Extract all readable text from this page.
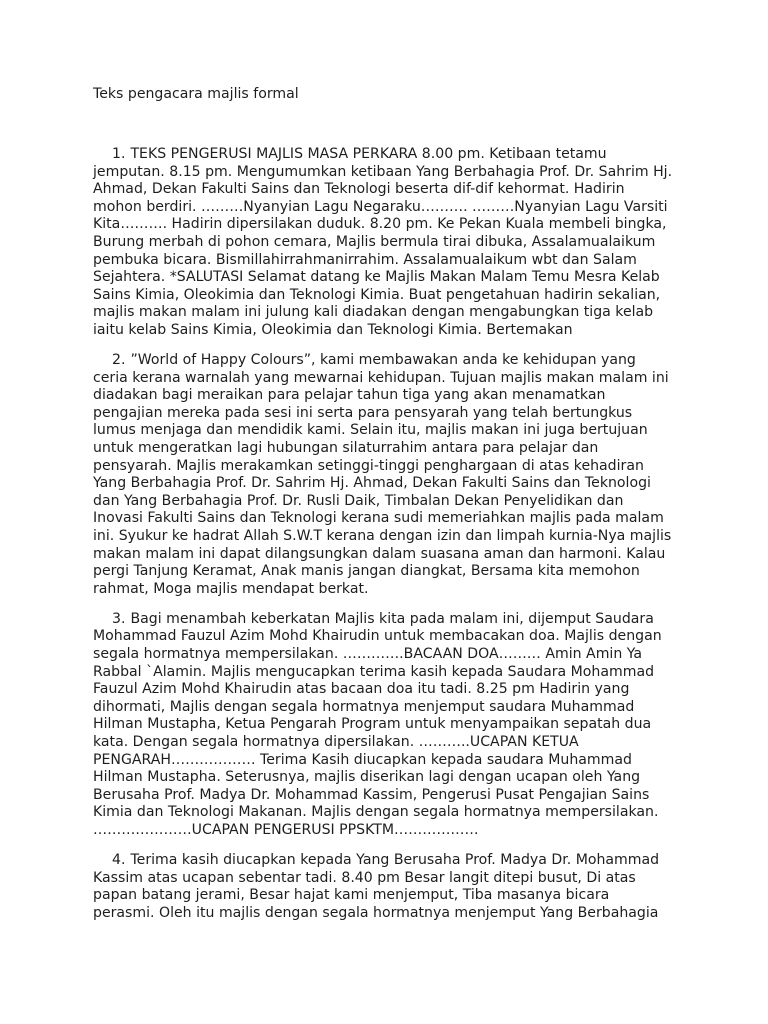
Teks pengacara majlis formal

1. TEKS PENGERUSI MAJLIS MASA PERKARA 8.00 pm. Ketibaan tetamu jemputan. 8.15 pm. Mengumumkan ketibaan Yang Berbahagia Prof. Dr. Sahrim Hj. Ahmad, Dekan Fakulti Sains dan Teknologi beserta dif-dif kehormat. Hadirin mohon berdiri. ………Nyanyian Lagu Negaraku………. ………Nyanyian Lagu Varsiti Kita………. Hadirin dipersilakan duduk. 8.20 pm. Ke Pekan Kuala membeli bingka, Burung merbah di pohon cemara, Majlis bermula tirai dibuka, Assalamualaikum pembuka bicara. Bismillahirrahmanirrahim. Assalamualaikum wbt dan Salam Sejahtera. *SALUTASI Selamat datang ke Majlis Makan Malam Temu Mesra Kelab Sains Kimia, Oleokimia dan Teknologi Kimia. Buat pengetahuan hadirin sekalian, majlis makan malam ini julung kali diadakan dengan mengabungkan tiga kelab iaitu kelab Sains Kimia, Oleokimia dan Teknologi Kimia. Bertemakan

2. ”World of Happy Colours”, kami membawakan anda ke kehidupan yang ceria kerana warnalah yang mewarnai kehidupan. Tujuan majlis makan malam ini diadakan bagi meraikan para pelajar tahun tiga yang akan menamatkan pengajian mereka pada sesi ini serta para pensyarah yang telah bertungkus lumus menjaga dan mendidik kami. Selain itu, majlis makan ini juga bertujuan untuk mengeratkan lagi hubungan silaturrahim antara para pelajar dan pensyarah. Majlis merakamkan setinggi-tinggi penghargaan di atas kehadiran Yang Berbahagia Prof. Dr. Sahrim Hj. Ahmad, Dekan Fakulti Sains dan Teknologi dan Yang Berbahagia Prof. Dr. Rusli Daik, Timbalan Dekan Penyelidikan dan Inovasi Fakulti Sains dan Teknologi kerana sudi memeriahkan majlis pada malam ini. Syukur ke hadrat Allah S.W.T kerana dengan izin dan limpah kurnia-Nya majlis makan malam ini dapat dilangsungkan dalam suasana aman dan harmoni. Kalau pergi Tanjung Keramat, Anak manis jangan diangkat, Bersama kita memohon rahmat, Moga majlis mendapat berkat.

3. Bagi menambah keberkatan Majlis kita pada malam ini, dijemput Saudara Mohammad Fauzul Azim Mohd Khairudin untuk membacakan doa. Majlis dengan segala hormatnya mempersilakan. ………….BACAAN DOA……… Amin Amin Ya Rabbal `Alamin. Majlis mengucapkan terima kasih kepada Saudara Mohammad Fauzul Azim Mohd Khairudin atas bacaan doa itu tadi. 8.25 pm Hadirin yang dihormati, Majlis dengan segala hormatnya menjemput saudara Muhammad Hilman Mustapha, Ketua Pengarah Program untuk menyampaikan sepatah dua kata. Dengan segala hormatnya dipersilakan. ………..UCAPAN KETUA PENGARAH……………… Terima Kasih diucapkan kepada saudara Muhammad Hilman Mustapha. Seterusnya, majlis diserikan lagi dengan ucapan oleh Yang Berusaha Prof. Madya Dr. Mohammad Kassim, Pengerusi Pusat Pengajian Sains Kimia dan Teknologi Makanan. Majlis dengan segala hormatnya mempersilakan. …………………UCAPAN PENGERUSI PPSKTM………………

4. Terima kasih diucapkan kepada Yang Berusaha Prof. Madya Dr. Mohammad Kassim atas ucapan sebentar tadi. 8.40 pm Besar langit ditepi busut, Di atas papan batang jerami, Besar hajat kami menjemput, Tiba masanya bicara perasmi. Oleh itu majlis dengan segala hormatnya menjemput Yang Berbahagia
